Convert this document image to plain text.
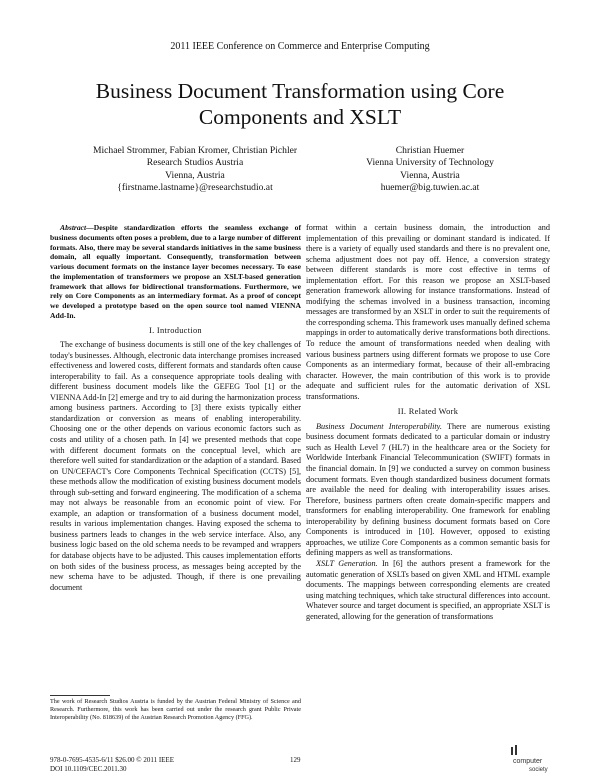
2011 IEEE Conference on Commerce and Enterprise Computing
Business Document Transformation using Core
Components and XSLT
Michael Strommer, Fabian Kromer, Christian Pichler
Research Studios Austria
Vienna, Austria
{firstname.lastname}@researchstudio.at
Christian Huemer
Vienna University of Technology
Vienna, Austria
huemer@big.tuwien.ac.at

Abstract—Despite standardization efforts the seamless exchange of business documents often poses a problem, due to a large number of different formats. Also, there may be several standards initiatives in the same business domain, all equally important. Consequently, transformation between various document formats on the instance layer becomes necessary. To ease the implementation of transformers we propose an XSLT-based generation framework that allows for bidirectional transformations. Furthermore, we rely on Core Components as an intermediary format. As a proof of concept we developed a prototype based on the open source tool named VIENNA Add-In.

I. Introduction

The exchange of business documents is still one of the key challenges of today's businesses. Although, electronic data interchange promises increased effectiveness and lowered costs, different formats and standards often cause interoperability to fail. As a consequence appropriate tools dealing with different business document models like the GEFEG Tool [1] or the VIENNA Add-In [2] emerge and try to aid during the harmonization process among business partners. According to [3] there exists typically either standardization or conversion as means of enabling interoperability. Choosing one or the other depends on various economic factors such as costs and utility of a chosen path. In [4] we presented methods that cope with different document formats on the conceptual level, which are therefore well suited for standardization or the adaption of a standard. Based on UN/CEFACT's Core Components Technical Specification (CCTS) [5], these methods allow the modification of existing business document models through sub-setting and forward engineering. The modification of a schema may not always be reasonable from an economic point of view. For example, an adaption or transformation of a business document model, results in various implementation changes. Having exposed the schema to business partners leads to changes in the web service interface. Also, any business logic based on the old schema needs to be revamped and wrappers for database objects have to be adjusted. This causes implementation efforts on both sides of the business process, as messages being accepted by the new schema have to be adjusted. Though, if there is one prevailing document

format within a certain business domain, the introduction and implementation of this prevailing or dominant standard is indicated. If there is a variety of equally used standards and there is no prevalent one, schema adjustment does not pay off. Hence, a conversion strategy between different standards is more cost effective in terms of implementation effort. For this reason we propose an XSLT-based generation framework allowing for instance transformations. Instead of modifying the schemas involved in a business transaction, incoming messages are transformed by an XSLT in order to suit the requirements of the corresponding schema. This framework uses manually defined schema mappings in order to automatically derive transformations both directions. To reduce the amount of transformations needed when dealing with various business partners using different formats we propose to use Core Components as an intermediary format, because of their all-embracing character. However, the main contribution of this work is to provide adequate and sufficient rules for the automatic derivation of XSL transformations.

II. Related Work

Business Document Interoperability. There are numerous existing business document formats dedicated to a particular domain or industry such as Health Level 7 (HL7) in the healthcare area or the Society for Worldwide Interbank Financial Telecommunication (SWIFT) formats in the financial domain. In [9] we conducted a survey on common business document formats. Even though standardized business document formats are available the need for dealing with interoperability issues arises. Therefore, business partners often create domain-specific mappers and transformers for enabling interoperability. One framework for enabling interoperability by defining business document formats based on Core Components is introduced in [10]. However, opposed to existing approaches, we utilize Core Components as a common semantic basis for defining mappers as well as transformations.

XSLT Generation. In [6] the authors present a framework for the automatic generation of XSLTs based on given XML and HTML example documents. The mappings between corresponding elements are created using matching techniques, which take structural differences into account. Whatever source and target document is specified, an appropriate XSLT is generated, allowing for the generation of transformations

The work of Research Studios Austria is funded by the Austrian Federal Ministry of Science and Research. Furthermore, this work has been carried out under the research grant Public Private Interoperability (No. 818639) of the Austrian Research Promotion Agency (FFG).
978-0-7695-4535-6/11 $26.00 © 2011 IEEE
DOI 10.1109/CEC.2011.30
129	computer
society
